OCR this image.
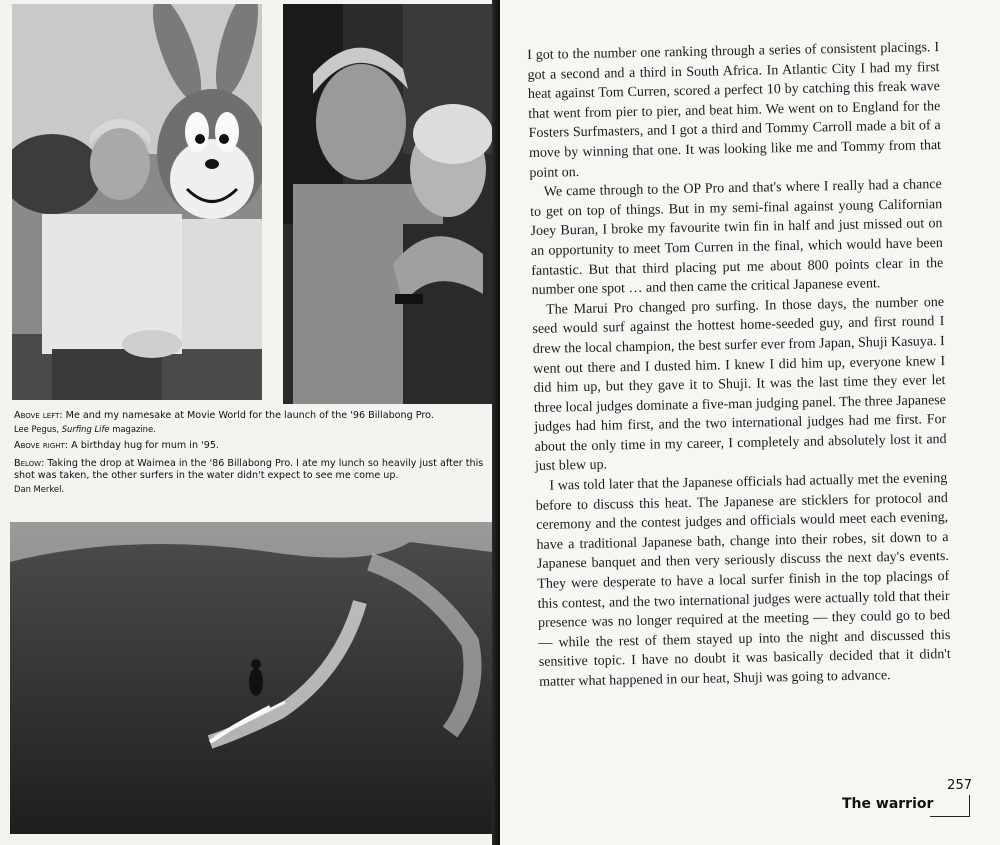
Above left: Me and my namesake at Movie World for the launch of the '96 Billabong Pro.
Lee Pegus, Surfing Life magazine.

Above right: A birthday hug for mum in '95.

Below: Taking the drop at Waimea in the '86 Billabong Pro. I ate my lunch so heavily just after this shot was taken, the other surfers in the water didn't expect to see me come up.
Dan Merkel.

I got to the number one ranking through a series of consistent placings. I got a second and a third in South Africa. In Atlantic City I had my first heat against Tom Curren, scored a perfect 10 by catching this freak wave that went from pier to pier, and beat him. We went on to England for the Fosters Surfmasters, and I got a third and Tommy Carroll made a bit of a move by winning that one. It was looking like me and Tommy from that point on.

We came through to the OP Pro and that's where I really had a chance to get on top of things. But in my semi-final against young Californian Joey Buran, I broke my favourite twin fin in half and just missed out on an opportunity to meet Tom Curren in the final, which would have been fantastic. But that third placing put me about 800 points clear in the number one spot … and then came the critical Japanese event.

The Marui Pro changed pro surfing. In those days, the number one seed would surf against the hottest home-seeded guy, and first round I drew the local champion, the best surfer ever from Japan, Shuji Kasuya. I went out there and I dusted him. I knew I did him up, everyone knew I did him up, but they gave it to Shuji. It was the last time they ever let three local judges dominate a five-man judging panel. The three Japanese judges had him first, and the two international judges had me first. For about the only time in my career, I completely and absolutely lost it and just blew up.

I was told later that the Japanese officials had actually met the evening before to discuss this heat. The Japanese are sticklers for protocol and ceremony and the contest judges and officials would meet each evening, have a traditional Japanese bath, change into their robes, sit down to a Japanese banquet and then very seriously discuss the next day's events. They were desperate to have a local surfer finish in the top placings of this contest, and the two international judges were actually told that their presence was no longer required at the meeting — they could go to bed — while the rest of them stayed up into the night and discussed this sensitive topic. I have no doubt it was basically decided that it didn't matter what happened in our heat, Shuji was going to advance.

257
The warrior
